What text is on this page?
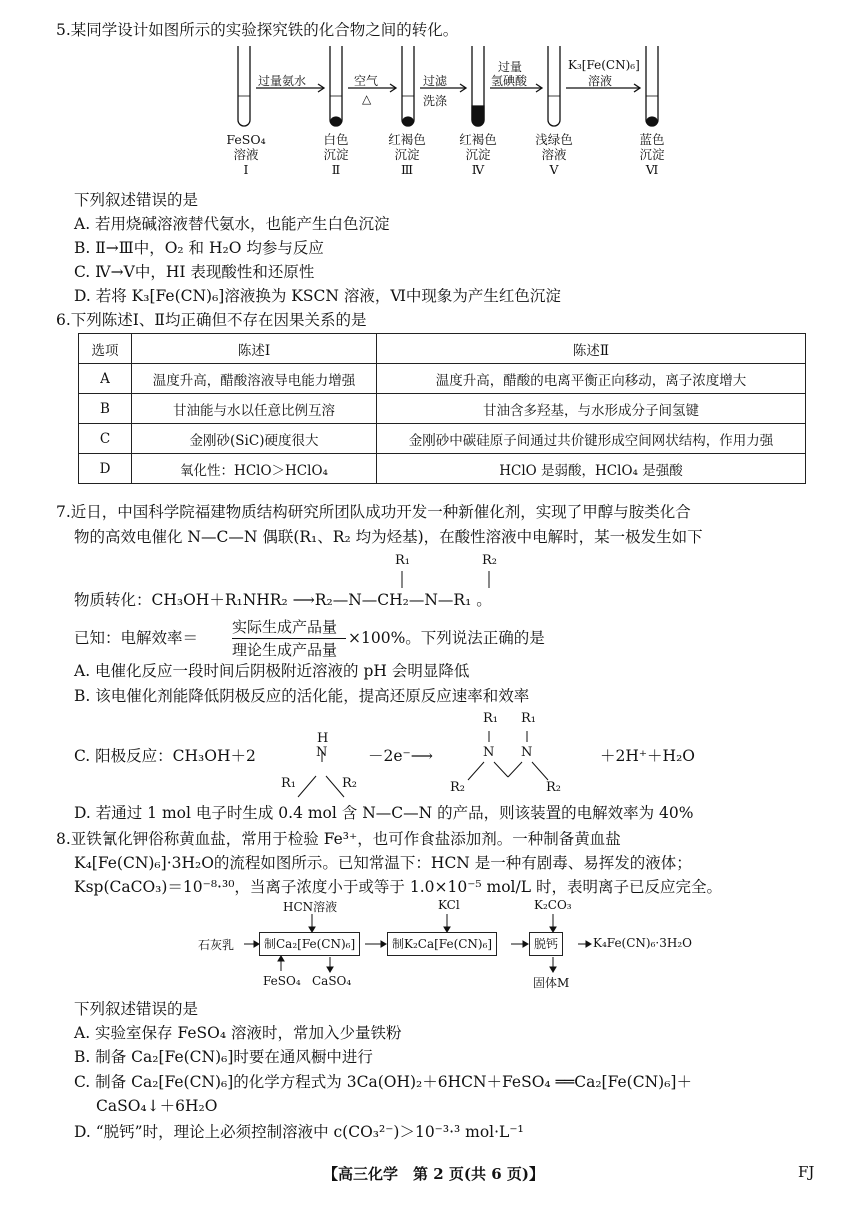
5.某同学设计如图所示的实验探究铁的化合物之间的转化。
过量氨水	空气
△
过滤
洗涤
过量
氢碘酸
K₃[Fe(CN)₆]
溶液
FeSO₄
溶液
Ⅰ
白色
沉淀
Ⅱ
红褐色
沉淀
Ⅲ
红褐色
沉淀
Ⅳ
浅绿色
溶液
Ⅴ
蓝色
沉淀
Ⅵ
下列叙述错误的是
A. 若用烧碱溶液替代氨水，也能产生白色沉淀
B. Ⅱ→Ⅲ中，O₂ 和 H₂O 均参与反应
C. Ⅳ→Ⅴ中，HI 表现酸性和还原性
D. 若将 K₃[Fe(CN)₆]溶液换为 KSCN 溶液，Ⅵ中现象为产生红色沉淀
6.下列陈述Ⅰ、Ⅱ均正确但不存在因果关系的是
选项	陈述Ⅰ	陈述Ⅱ
A	温度升高，醋酸溶液导电能力增强	温度升高，醋酸的电离平衡正向移动，离子浓度增大
B	甘油能与水以任意比例互溶	甘油含多羟基，与水形成分子间氢键
C	金刚砂(SiC)硬度很大	金刚砂中碳硅原子间通过共价键形成空间网状结构，作用力强
D	氧化性：HClO＞HClO₄	HClO 是弱酸，HClO₄ 是强酸
7.近日，中国科学院福建物质结构研究所团队成功开发一种新催化剂，实现了甲醇与胺类化合
物的高效电催化 N—C—N 偶联(R₁、R₂ 均为烃基)，在酸性溶液中电解时，某一极发生如下
R₁	R₂
物质转化：CH₃OH＋R₁NHR₂ ⟶R₂—N—CH₂—N—R₁ 。
已知：电解效率＝
实际生成产品量
理论生成产品量
×100%。下列说法正确的是
A. 电催化反应一段时间后阴极附近溶液的 pH 会明显降低
B. 该电催化剂能降低阴极反应的活化能，提高还原反应速率和效率
R₁ R₁
H
C. 阳极反应：CH₃OH＋2	N	－2e⁻⟶	N N	＋2H⁺＋H₂O
R₁	R₂	R₂	R₂
D. 若通过 1 mol 电子时生成 0.4 mol 含 N—C—N 的产品，则该装置的电解效率为 40%
8.亚铁氰化钾俗称黄血盐，常用于检验 Fe³⁺，也可作食盐添加剂。一种制备黄血盐
K₄[Fe(CN)₆]·3H₂O的流程如图所示。已知常温下：HCN 是一种有剧毒、易挥发的液体；
Ksp(CaCO₃)＝10⁻⁸·³⁰，当离子浓度小于或等于 1.0×10⁻⁵ mol/L 时，表明离子已反应完全。
HCN溶液	KCl	K₂CO₃
石灰乳	制Ca₂[Fe(CN)₆]	制K₂Ca[Fe(CN)₆]	脱钙	K₄Fe(CN)₆·3H₂O
FeSO₄ CaSO₄	固体M
下列叙述错误的是
A. 实验室保存 FeSO₄ 溶液时，常加入少量铁粉
B. 制备 Ca₂[Fe(CN)₆]时要在通风橱中进行
C. 制备 Ca₂[Fe(CN)₆]的化学方程式为 3Ca(OH)₂＋6HCN＋FeSO₄ ══Ca₂[Fe(CN)₆]＋
CaSO₄↓＋6H₂O
D. “脱钙”时，理论上必须控制溶液中 c(CO₃²⁻)＞10⁻³·³ mol·L⁻¹
【高三化学　第 2 页(共 6 页)】	FJ
